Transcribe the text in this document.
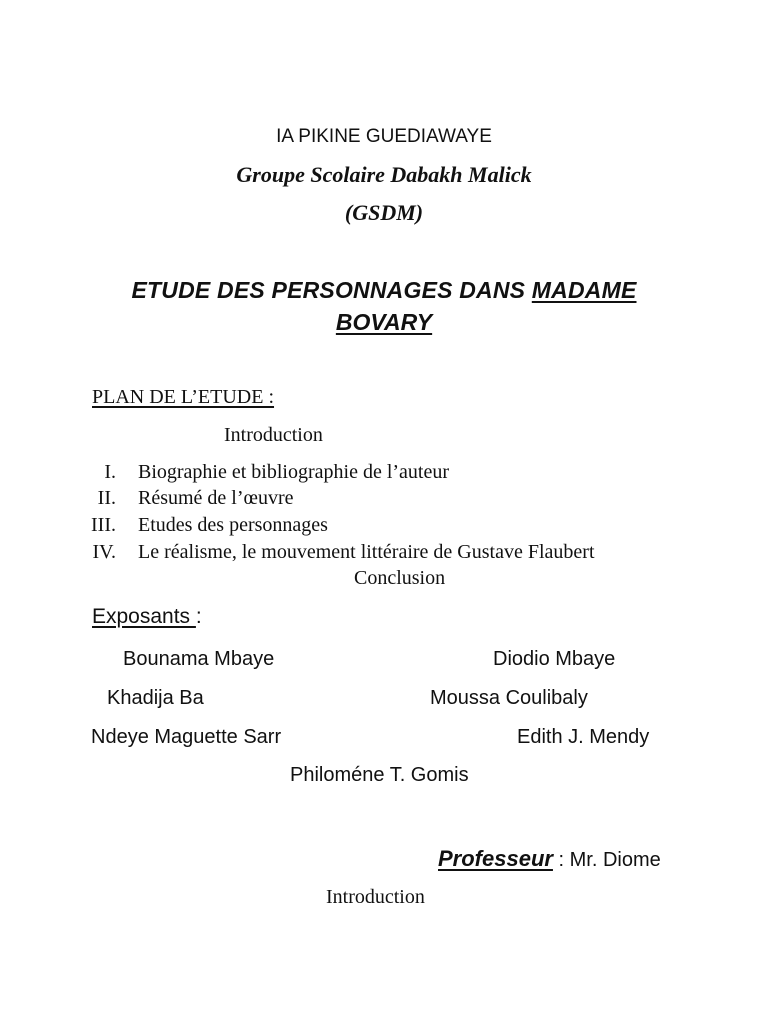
IA PIKINE GUEDIAWAYE
Groupe Scolaire Dabakh Malick
(GSDM)
ETUDE DES PERSONNAGES DANS MADAME
BOVARY
PLAN DE L’ETUDE :
Introduction
I. Biographie et bibliographie de l’auteur
II. Résumé de l’œuvre
III. Etudes des personnages
IV. Le réalisme, le mouvement littéraire de Gustave Flaubert
Conclusion
Exposants :
Bounama Mbaye	Diodio Mbaye
Khadija Ba	Moussa Coulibaly
Ndeye Maguette Sarr	Edith J. Mendy
Philoméne T. Gomis
Professeur : Mr. Diome
Introduction
